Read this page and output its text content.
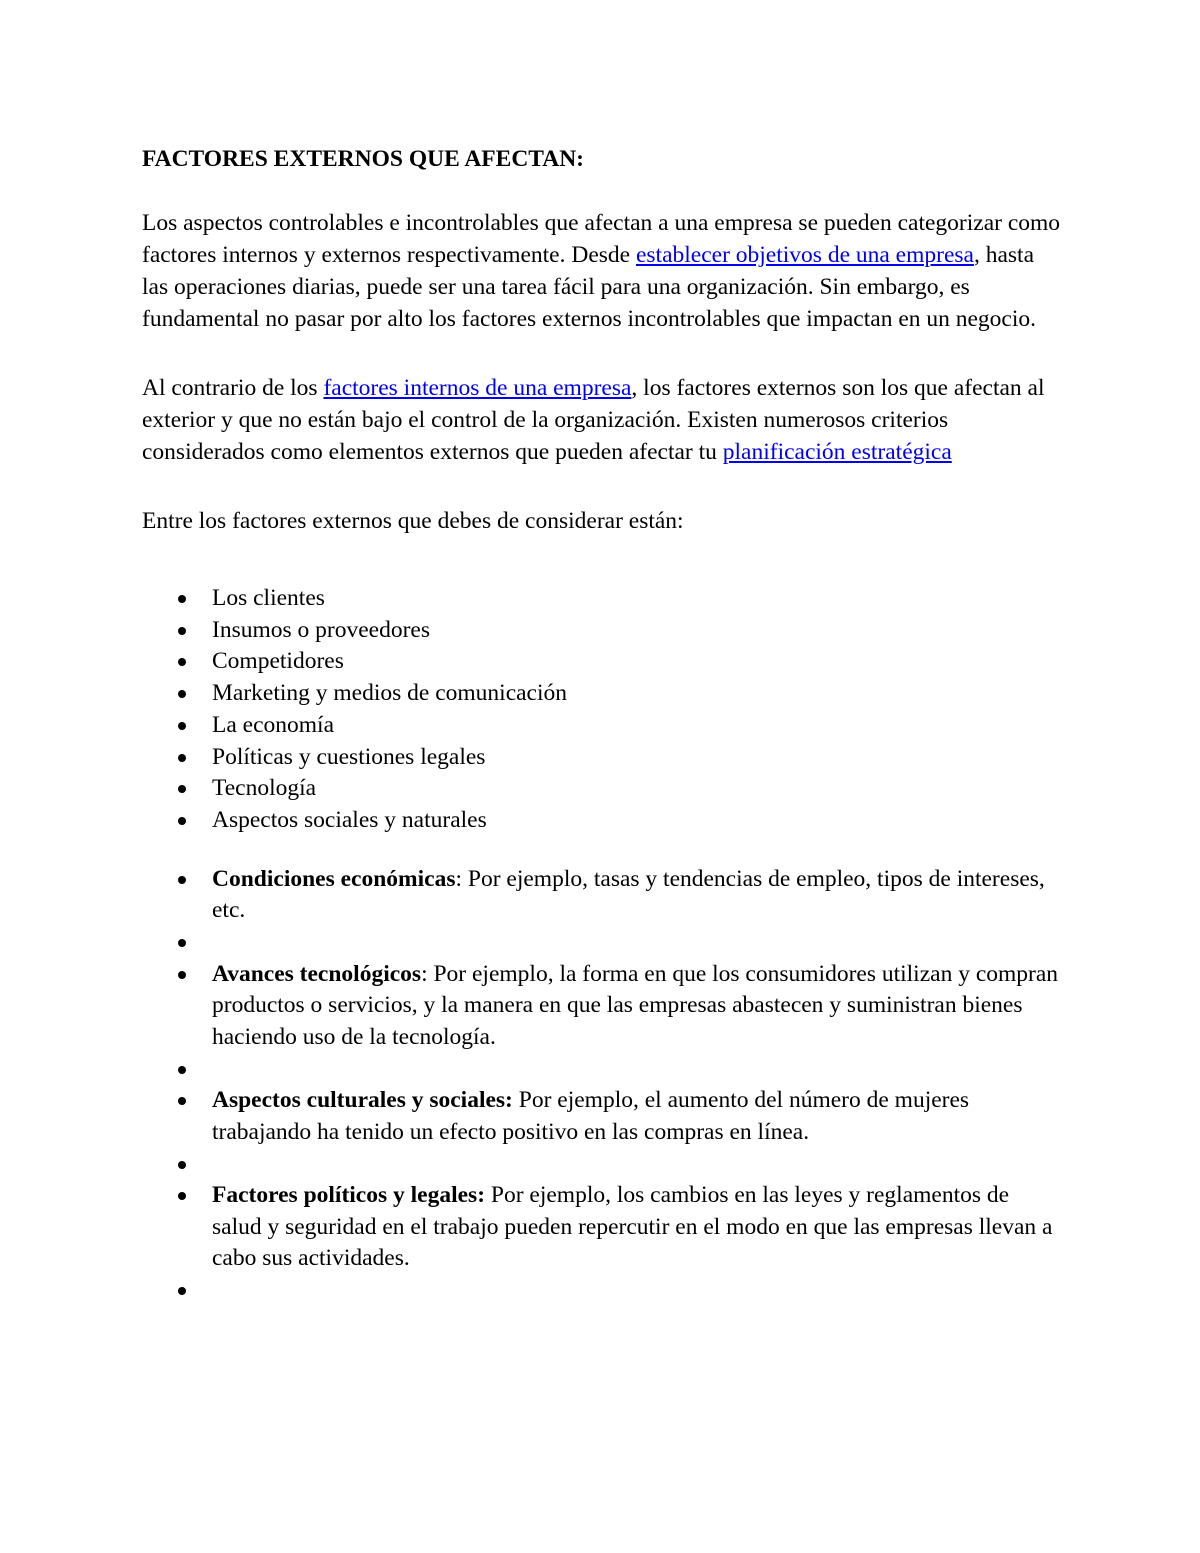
FACTORES EXTERNOS QUE AFECTAN:

Los aspectos controlables e incontrolables que afectan a una empresa se pueden categorizar como factores internos y externos respectivamente. Desde establecer objetivos de una empresa, hasta las operaciones diarias, puede ser una tarea fácil para una organización. Sin embargo, es fundamental no pasar por alto los factores externos incontrolables que impactan en un negocio.

Al contrario de los factores internos de una empresa, los factores externos son los que afectan al exterior y que no están bajo el control de la organización. Existen numerosos criterios considerados como elementos externos que pueden afectar tu planificación estratégica

Entre los factores externos que debes de considerar están:
Los clientes
Insumos o proveedores
Competidores
Marketing y medios de comunicación
La economía
Políticas y cuestiones legales
Tecnología
Aspectos sociales y naturales
Condiciones económicas: Por ejemplo, tasas y tendencias de empleo, tipos de intereses, etc.
Avances tecnológicos: Por ejemplo, la forma en que los consumidores utilizan y compran productos o servicios, y la manera en que las empresas abastecen y suministran bienes haciendo uso de la tecnología.
Aspectos culturales y sociales: Por ejemplo, el aumento del número de mujeres trabajando ha tenido un efecto positivo en las compras en línea.
Factores políticos y legales: Por ejemplo, los cambios en las leyes y reglamentos de salud y seguridad en el trabajo pueden repercutir en el modo en que las empresas llevan a cabo sus actividades.
